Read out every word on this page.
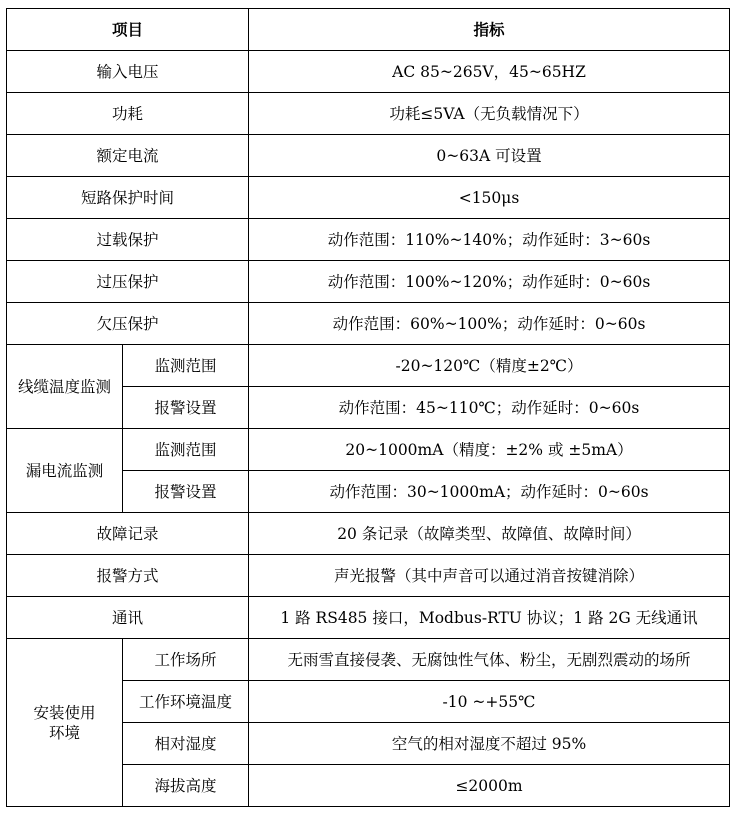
项目		指标
输入电压		AC 85~265V，45~65HZ
功耗		功耗≤5VA（无负载情况下）
额定电流		0~63A 可设置
短路保护时间		<150μs
过载保护		动作范围：110%~140%；动作延时：3~60s
过压保护		动作范围：100%~120%；动作延时：0~60s
欠压保护		动作范围：60%~100%；动作延时：0~60s
线缆温度监测	监测范围	-20~120℃（精度±2℃）
	报警设置	动作范围：45~110℃；动作延时：0~60s
漏电流监测	监测范围	20~1000mA（精度：±2% 或 ±5mA）
	报警设置	动作范围：30~1000mA；动作延时：0~60s
故障记录		20 条记录（故障类型、故障值、故障时间）
报警方式		声光报警（其中声音可以通过消音按键消除）
通讯		1 路 RS485 接口，Modbus-RTU 协议；1 路 2G 无线通讯
安装使用环境	工作场所	无雨雪直接侵袭、无腐蚀性气体、粉尘，无剧烈震动的场所
	工作环境温度	-10 ~+55℃
	相对湿度	空气的相对湿度不超过 95%
	海拔高度	≤2000m
